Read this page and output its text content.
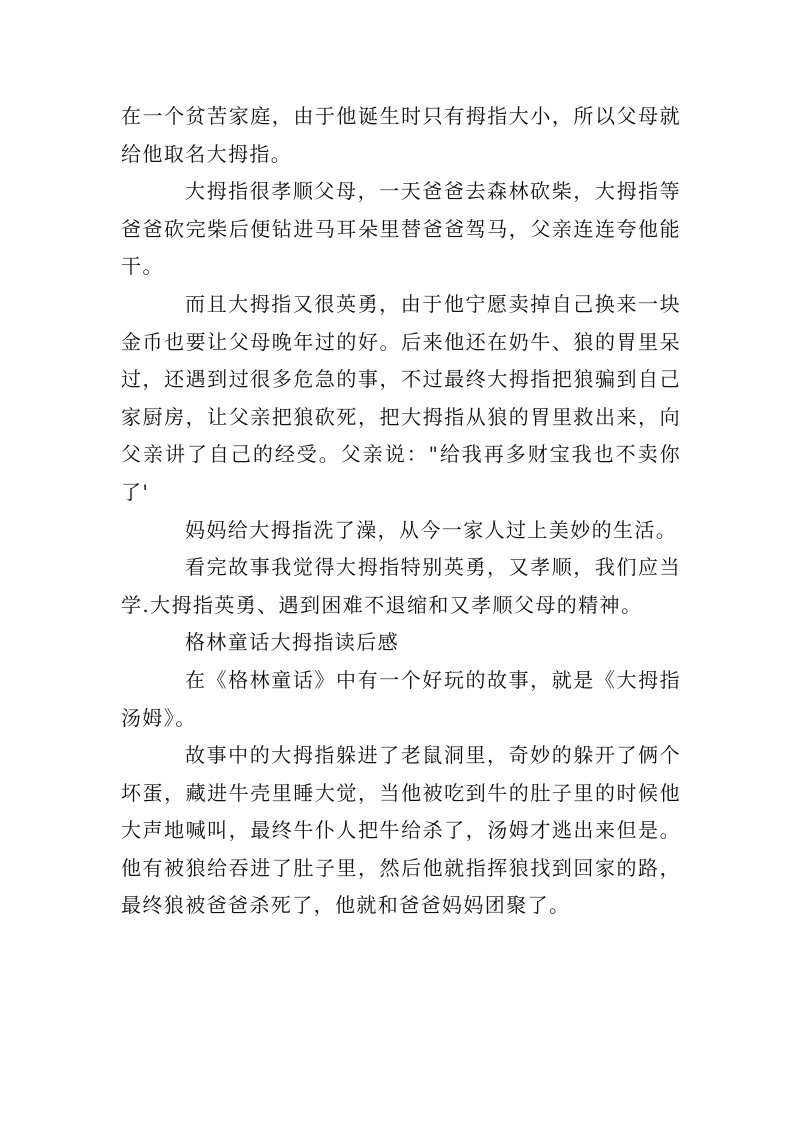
在一个贫苦家庭，由于他诞生时只有拇指大小，所以父母就给他取名大拇指。

大拇指很孝顺父母，一天爸爸去森林砍柴，大拇指等爸爸砍完柴后便钻进马耳朵里替爸爸驾马，父亲连连夸他能干。

而且大拇指又很英勇，由于他宁愿卖掉自己换来一块金币也要让父母晚年过的好。后来他还在奶牛、狼的胃里呆过，还遇到过很多危急的事，不过最终大拇指把狼骗到自己家厨房，让父亲把狼砍死，把大拇指从狼的胃里救出来，向父亲讲了自己的经受。父亲说："给我再多财宝我也不卖你了'

妈妈给大拇指洗了澡，从今一家人过上美妙的生活。

看完故事我觉得大拇指特别英勇，又孝顺，我们应当学.大拇指英勇、遇到困难不退缩和又孝顺父母的精神。

格林童话大拇指读后感

在《格林童话》中有一个好玩的故事，就是《大拇指汤姆》。

故事中的大拇指躲进了老鼠洞里，奇妙的躲开了俩个坏蛋，藏进牛壳里睡大觉，当他被吃到牛的肚子里的时候他大声地喊叫，最终牛仆人把牛给杀了，汤姆才逃出来但是。他有被狼给吞进了肚子里，然后他就指挥狼找到回家的路，最终狼被爸爸杀死了，他就和爸爸妈妈团聚了。
